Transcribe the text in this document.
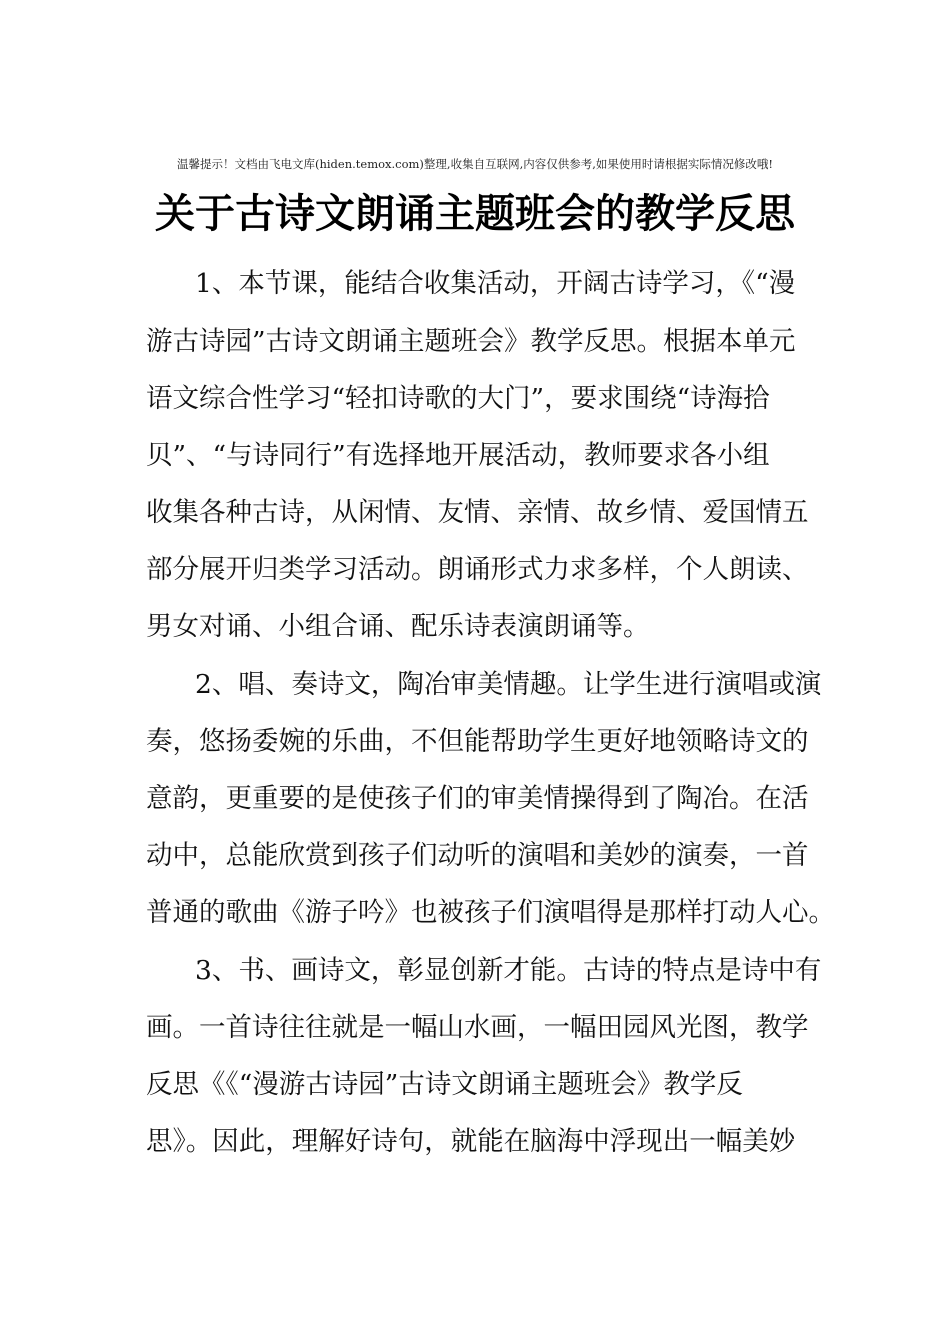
温馨提示！文档由飞电文库(hiden.temox.com)整理,收集自互联网,内容仅供参考,如果使用时请根据实际情况修改哦!
关于古诗文朗诵主题班会的教学反思
1、本节课，能结合收集活动，开阔古诗学习，《“漫
游古诗园”古诗文朗诵主题班会》教学反思。根据本单元
语文综合性学习“轻扣诗歌的大门”，要求围绕“诗海拾
贝”、“与诗同行”有选择地开展活动，教师要求各小组
收集各种古诗，从闲情、友情、亲情、故乡情、爱国情五
部分展开归类学习活动。朗诵形式力求多样，个人朗读、
男女对诵、小组合诵、配乐诗表演朗诵等。
2、唱、奏诗文，陶冶审美情趣。让学生进行演唱或演
奏，悠扬委婉的乐曲，不但能帮助学生更好地领略诗文的
意韵，更重要的是使孩子们的审美情操得到了陶冶。在活
动中，总能欣赏到孩子们动听的演唱和美妙的演奏，一首
普通的歌曲《游子吟》也被孩子们演唱得是那样打动人心。
3、书、画诗文，彰显创新才能。古诗的特点是诗中有
画。一首诗往往就是一幅山水画，一幅田园风光图，教学
反思《《“漫游古诗园”古诗文朗诵主题班会》教学反
思》。因此，理解好诗句，就能在脑海中浮现出一幅美妙
